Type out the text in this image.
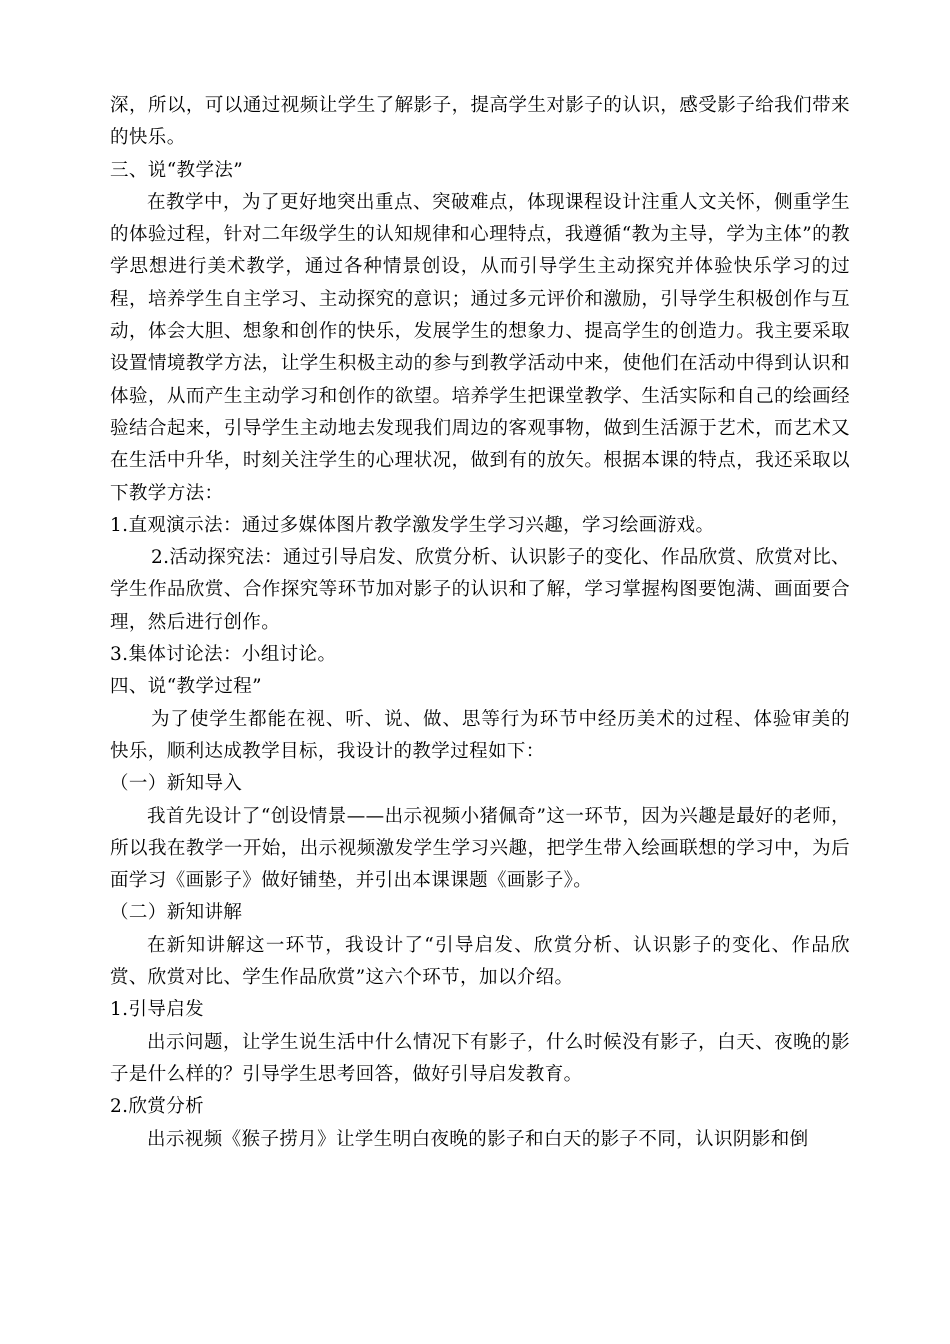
深，所以，可以通过视频让学生了解影子，提高学生对影子的认识，感受影子给我们带来的快乐。

三、说“教学法”

在教学中，为了更好地突出重点、突破难点，体现课程设计注重人文关怀，侧重学生的体验过程，针对二年级学生的认知规律和心理特点，我遵循“教为主导，学为主体”的教学思想进行美术教学，通过各种情景创设，从而引导学生主动探究并体验快乐学习的过程，培养学生自主学习、主动探究的意识；通过多元评价和激励，引导学生积极创作与互动，体会大胆、想象和创作的快乐，发展学生的想象力、提高学生的创造力。我主要采取设置情境教学方法，让学生积极主动的参与到教学活动中来，使他们在活动中得到认识和体验，从而产生主动学习和创作的欲望。培养学生把课堂教学、生活实际和自己的绘画经验结合起来，引导学生主动地去发现我们周边的客观事物，做到生活源于艺术，而艺术又在生活中升华，时刻关注学生的心理状况，做到有的放矢。根据本课的特点，我还采取以下教学方法：

1.直观演示法：通过多媒体图片教学激发学生学习兴趣，学习绘画游戏。

2.活动探究法：通过引导启发、欣赏分析、认识影子的变化、作品欣赏、欣赏对比、学生作品欣赏、合作探究等环节加对影子的认识和了解，学习掌握构图要饱满、画面要合理，然后进行创作。

3.集体讨论法：小组讨论。

四、说“教学过程”

为了使学生都能在视、听、说、做、思等行为环节中经历美术的过程、体验审美的快乐，顺利达成教学目标，我设计的教学过程如下：

（一）新知导入

我首先设计了“创设情景——出示视频小猪佩奇”这一环节，因为兴趣是最好的老师，所以我在教学一开始，出示视频激发学生学习兴趣，把学生带入绘画联想的学习中，为后面学习《画影子》做好铺垫，并引出本课课题《画影子》。

（二）新知讲解

在新知讲解这一环节，我设计了“引导启发、欣赏分析、认识影子的变化、作品欣赏、欣赏对比、学生作品欣赏”这六个环节，加以介绍。

1.引导启发

出示问题，让学生说生活中什么情况下有影子，什么时候没有影子，白天、夜晚的影子是什么样的？引导学生思考回答，做好引导启发教育。

2.欣赏分析

出示视频《猴子捞月》让学生明白夜晚的影子和白天的影子不同，认识阴影和倒
